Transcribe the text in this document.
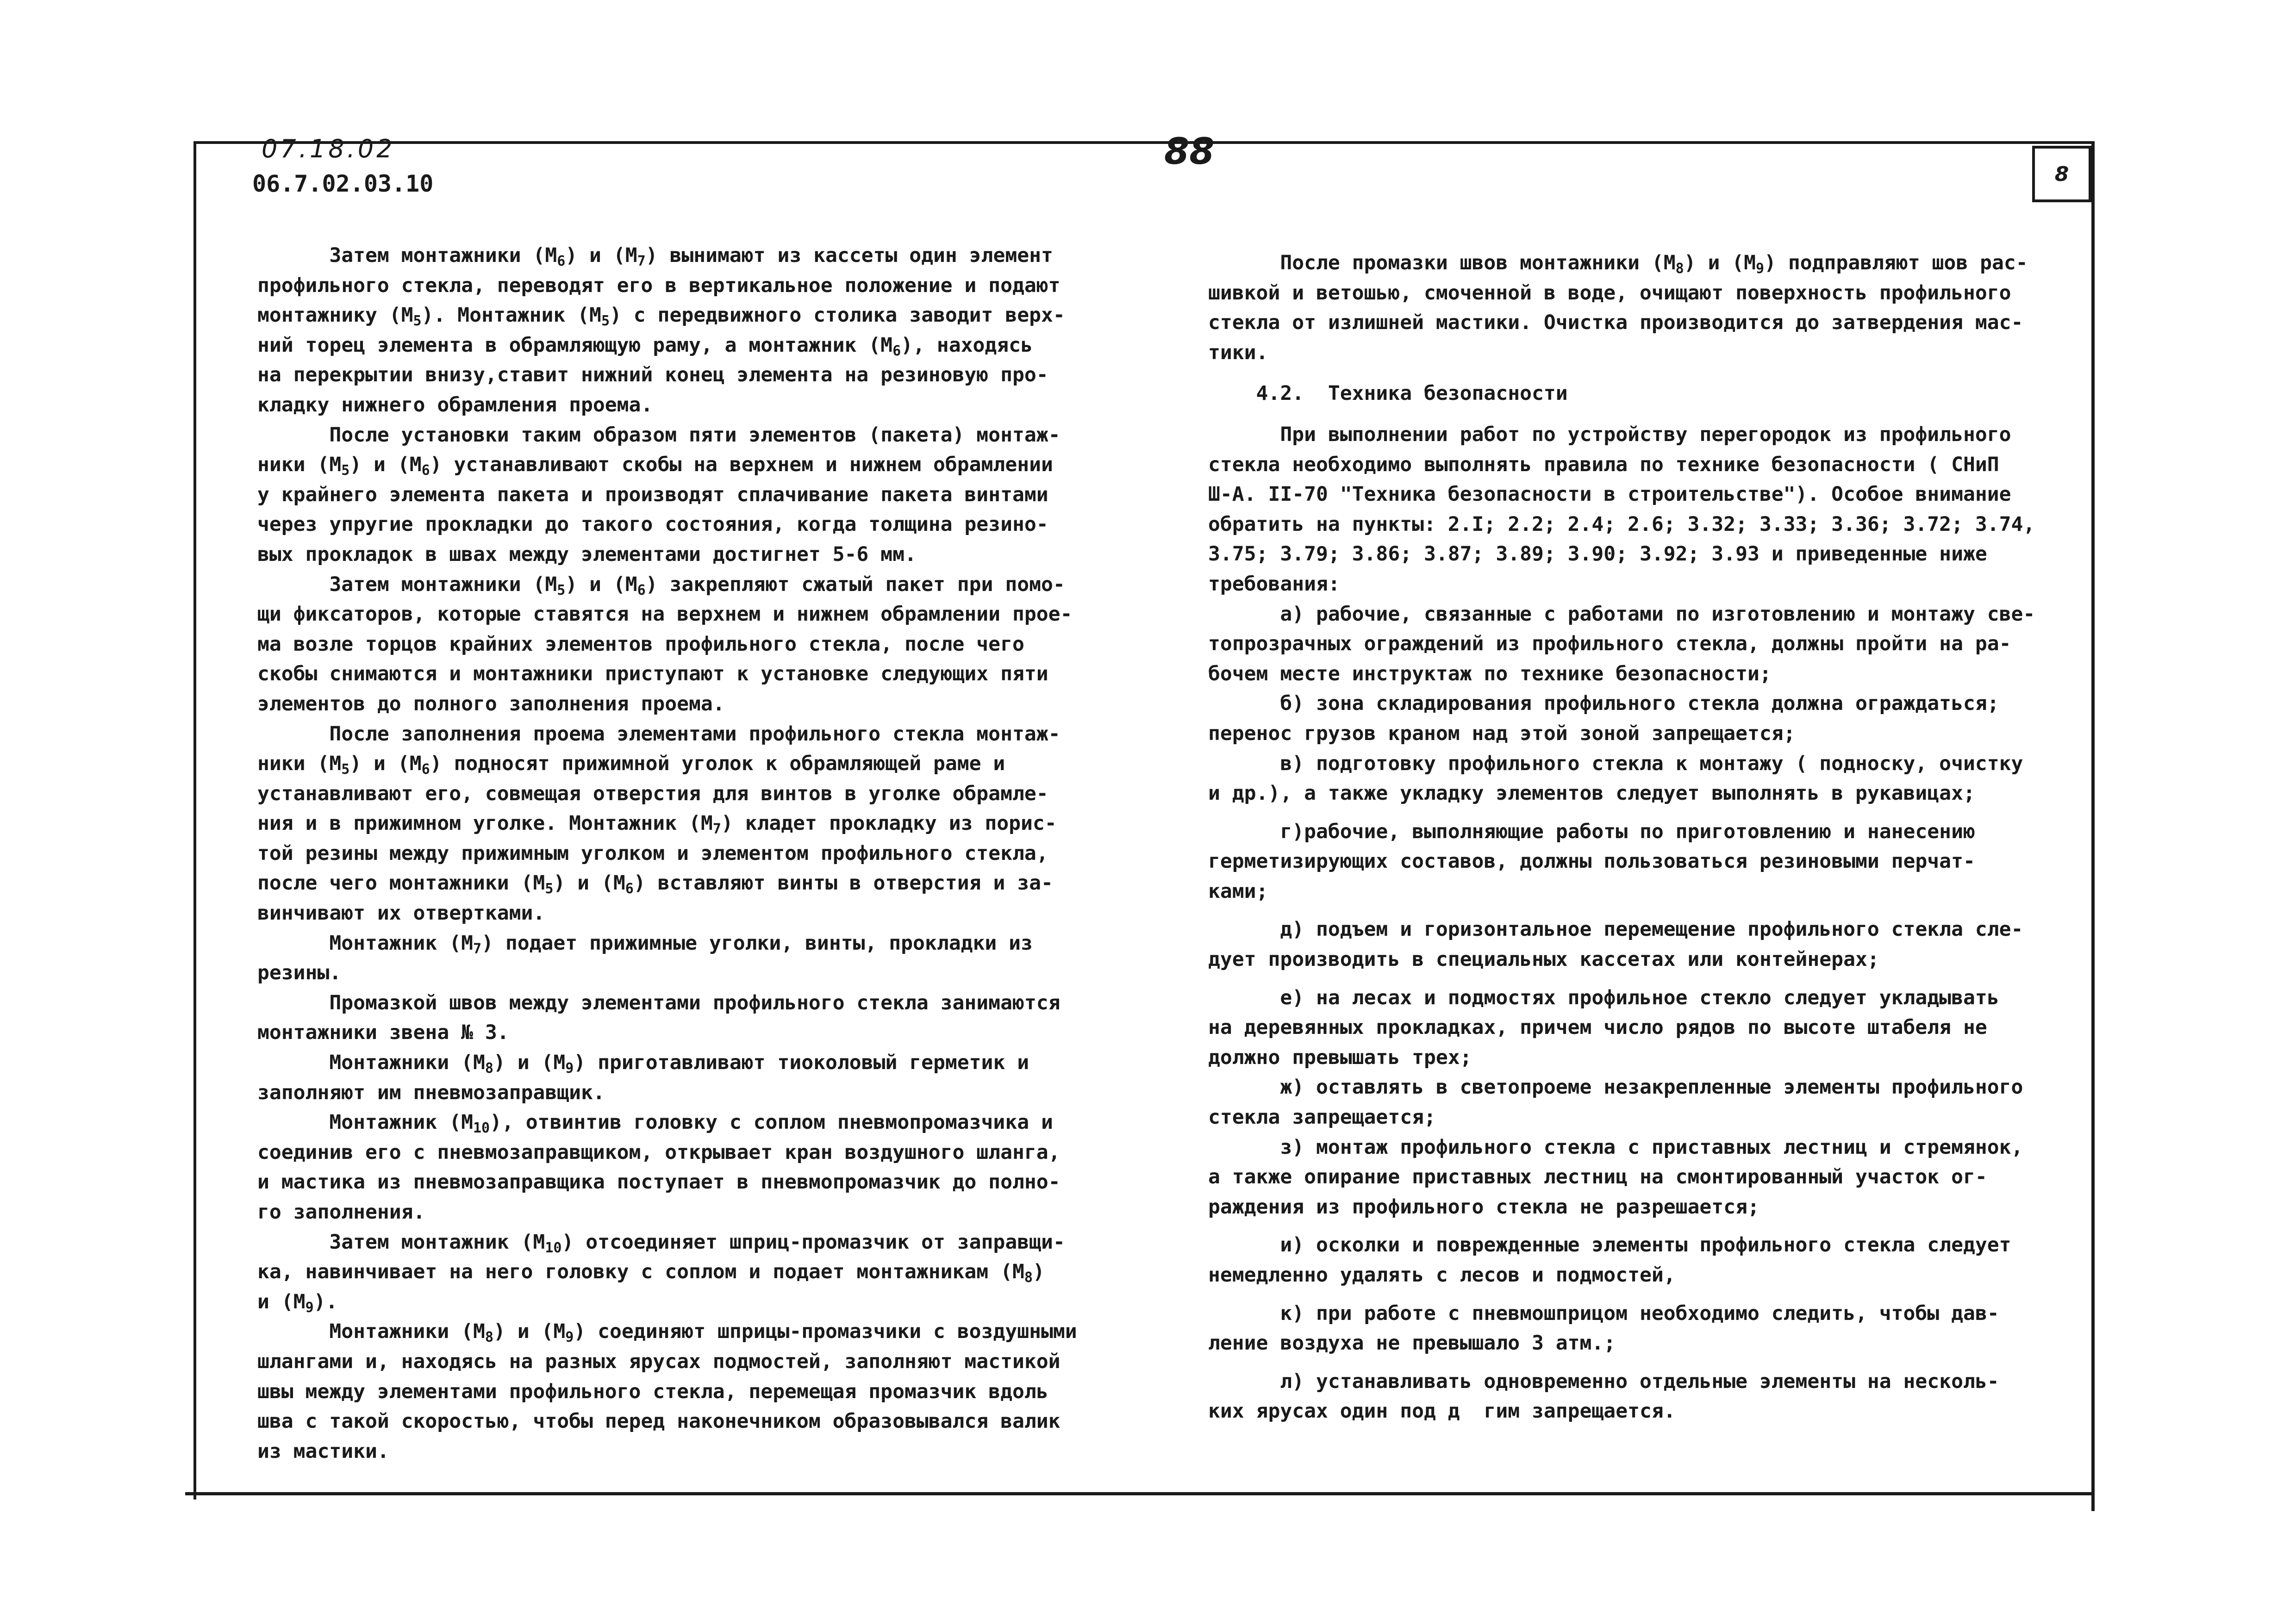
07.18.02
06.7.02.03.10
88
8
Затем монтажники $(М_6)$ и $(М_7)$ вынимают из кассеты один элемент
профильного стекла, переводят его в вертикальное положение и подают
монтажнику $(М_5)$. Монтажник $(М_5)$ с передвижного столика заводит верх-
ний торец элемента в обрамляющую раму, а монтажник $(М_6)$, находясь
на перекрытии внизу,ставит нижний конец элемента на резиновую про-
кладку нижнего обрамления проема.
После установки таким образом пяти элементов (пакета) монтаж-
ники $(М_5)$ и $(М_6)$ устанавливают скобы на верхнем и нижнем обрамлении
у крайнего элемента пакета и производят сплачивание пакета винтами
через упругие прокладки до такого состояния, когда толщина резино-
вых прокладок в швах между элементами достигнет 5-6 мм.
Затем монтажники $(М_5)$ и $(М_6)$ закрепляют сжатый пакет при помо-
щи фиксаторов, которые ставятся на верхнем и нижнем обрамлении прое-
ма возле торцов крайних элементов профильного стекла, после чего
скобы снимаются и монтажники приступают к установке следующих пяти
элементов до полного заполнения проема.
После заполнения проема элементами профильного стекла монтаж-
ники $(М_5)$ и $(М_6)$ подносят прижимной уголок к обрамляющей раме и
устанавливают его, совмещая отверстия для винтов в уголке обрамле-
ния и в прижимном уголке. Монтажник $(М_7)$ кладет прокладку из порис-
той резины между прижимным уголком и элементом профильного стекла,
после чего монтажники $(М_5)$ и $(М_6)$ вставляют винты в отверстия и за-
винчивают их отвертками.
Монтажник $(М_7)$ подает прижимные уголки, винты, прокладки из
резины.
Промазкой швов между элементами профильного стекла занимаются
монтажники звена № 3.
Монтажники $(М_8)$ и $(М_9)$ приготавливают тиоколовый герметик и
заполняют им пневмозаправщик.
Монтажник $(М_{10})$, отвинтив головку с соплом пневмопромазчика и
соединив его с пневмозаправщиком, открывает кран воздушного шланга,
и мастика из пневмозаправщика поступает в пневмопромазчик до полно-
го заполнения.
Затем монтажник $(М_{10})$ отсоединяет шприц-промазчик от заправщи-
ка, навинчивает на него головку с соплом и подает монтажникам $(М_8)$
и $(М_9)$.
Монтажники $(М_8)$ и $(М_9)$ соединяют шприцы-промазчики с воздушными
шлангами и, находясь на разных ярусах подмостей, заполняют мастикой
швы между элементами профильного стекла, перемещая промазчик вдоль
шва с такой скоростью, чтобы перед наконечником образовывался валик
из мастики.
После промазки швов монтажники $(М_8)$ и $(М_9)$ подправляют шов рас-
шивкой и ветошью, смоченной в воде, очищают поверхность профильного
стекла от излишней мастики. Очистка производится до затвердения мас-
тики.
4.2.  Техника безопасности
При выполнении работ по устройству перегородок из профильного
стекла необходимо выполнять правила по технике безопасности ( СНиП
Ш-А. II-70 "Техника безопасности в строительстве"). Особое внимание
обратить на пункты: 2.I; 2.2; 2.4; 2.6; 3.32; 3.33; 3.36; 3.72; 3.74,
3.75; 3.79; 3.86; 3.87; 3.89; 3.90; 3.92; 3.93 и приведенные ниже
требования:
а) рабочие, связанные с работами по изготовлению и монтажу све-
топрозрачных ограждений из профильного стекла, должны пройти на ра-
бочем месте инструктаж по технике безопасности;
б) зона складирования профильного стекла должна ограждаться;
перенос грузов краном над этой зоной запрещается;
в) подготовку профильного стекла к монтажу ( подноску, очистку
и др.), а также укладку элементов следует выполнять в рукавицах;
г)рабочие, выполняющие работы по приготовлению и нанесению
герметизирующих составов, должны пользоваться резиновыми перчат-
ками;
д) подъем и горизонтальное перемещение профильного стекла сле-
дует производить в специальных кассетах или контейнерах;
е) на лесах и подмостях профильное стекло следует укладывать
на деревянных прокладках, причем число рядов по высоте штабеля не
должно превышать трех;
ж) оставлять в светопроеме незакрепленные элементы профильного
стекла запрещается;
з) монтаж профильного стекла с приставных лестниц и стремянок,
а также опирание приставных лестниц на смонтированный участок ог-
раждения из профильного стекла не разрешается;
и) осколки и поврежденные элементы профильного стекла следует
немедленно удалять с лесов и подмостей,
к) при работе с пневмошприцом необходимо следить, чтобы дав-
ление воздуха не превышало 3 атм.;
л) устанавливать одновременно отдельные элементы на несколь-
ких ярусах один под д  гим запрещается.
